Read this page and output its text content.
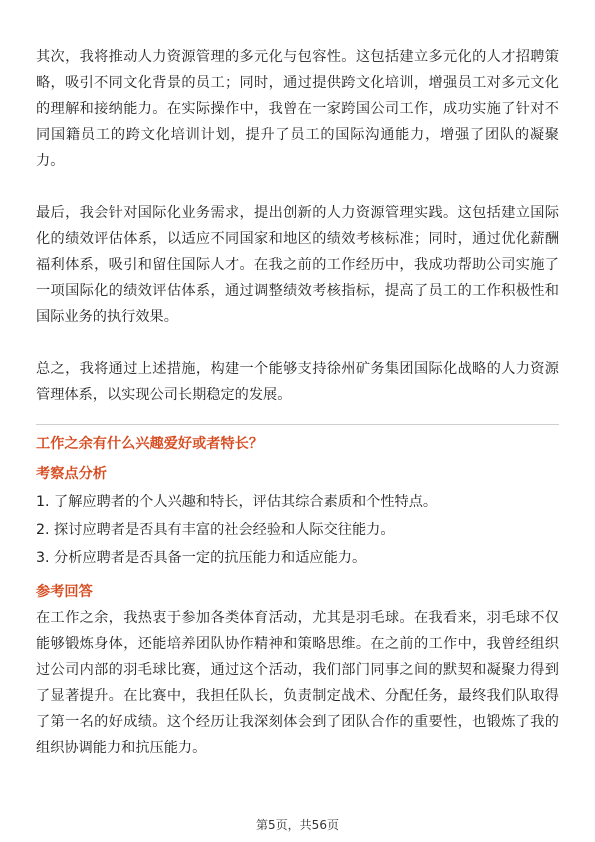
其次，我将推动人力资源管理的多元化与包容性。这包括建立多元化的人才招聘策略，吸引不同文化背景的员工；同时，通过提供跨文化培训，增强员工对多元文化的理解和接纳能力。在实际操作中，我曾在一家跨国公司工作，成功实施了针对不同国籍员工的跨文化培训计划，提升了员工的国际沟通能力，增强了团队的凝聚力。

最后，我会针对国际化业务需求，提出创新的人力资源管理实践。这包括建立国际化的绩效评估体系，以适应不同国家和地区的绩效考核标准；同时，通过优化薪酬福利体系，吸引和留住国际人才。在我之前的工作经历中，我成功帮助公司实施了一项国际化的绩效评估体系，通过调整绩效考核指标，提高了员工的工作积极性和国际业务的执行效果。

总之，我将通过上述措施，构建一个能够支持徐州矿务集团国际化战略的人力资源管理体系，以实现公司长期稳定的发展。

工作之余有什么兴趣爱好或者特长？

考察点分析

1. 了解应聘者的个人兴趣和特长，评估其综合素质和个性特点。

2. 探讨应聘者是否具有丰富的社会经验和人际交往能力。

3. 分析应聘者是否具备一定的抗压能力和适应能力。

参考回答

在工作之余，我热衷于参加各类体育活动，尤其是羽毛球。在我看来，羽毛球不仅能够锻炼身体，还能培养团队协作精神和策略思维。在之前的工作中，我曾经组织过公司内部的羽毛球比赛，通过这个活动，我们部门同事之间的默契和凝聚力得到了显著提升。在比赛中，我担任队长，负责制定战术、分配任务，最终我们队取得了第一名的好成绩。这个经历让我深刻体会到了团队合作的重要性，也锻炼了我的组织协调能力和抗压能力。

第5页，共56页
